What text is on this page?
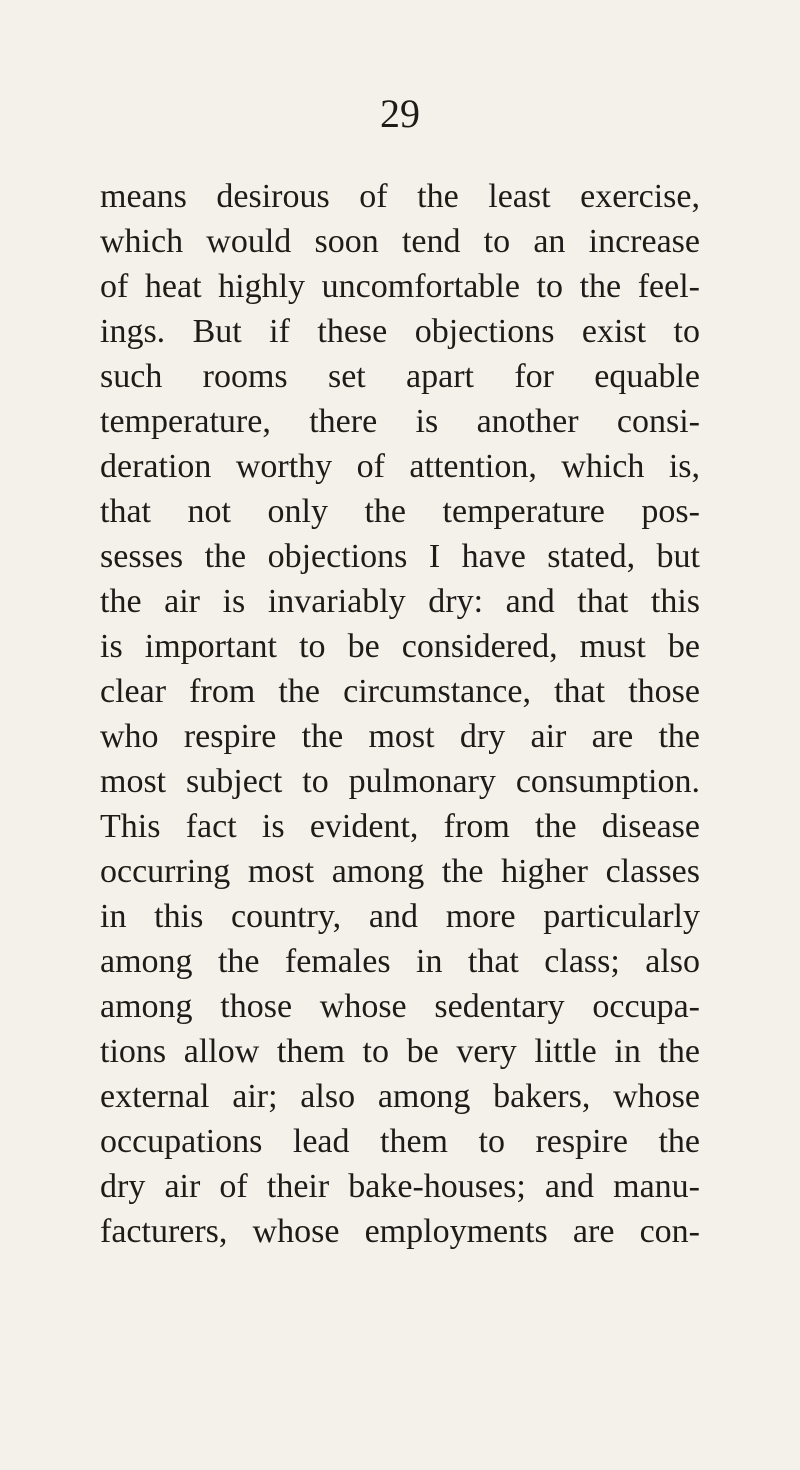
29
means desirous of the least exercise,
which would soon tend to an increase
of heat highly uncomfortable to the feel-
ings. But if these objections exist to
such rooms set apart for equable
temperature, there is another consi-
deration worthy of attention, which is,
that not only the temperature pos-
sesses the objections I have stated, but
the air is invariably dry: and that this
is important to be considered, must be
clear from the circumstance, that those
who respire the most dry air are the
most subject to pulmonary consumption.
This fact is evident, from the disease
occurring most among the higher classes
in this country, and more particularly
among the females in that class; also
among those whose sedentary occupa-
tions allow them to be very little in the
external air; also among bakers, whose
occupations lead them to respire the
dry air of their bake-houses; and manu-
facturers, whose employments are con-
